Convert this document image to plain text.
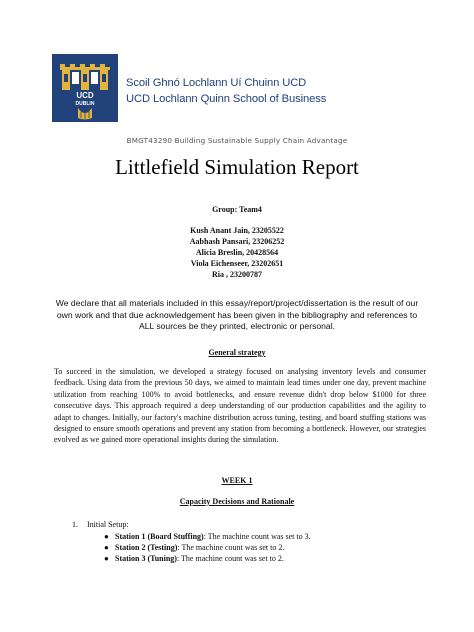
UCD
DUBLIN
Scoil Ghnó Lochlann Uí Chuinn UCD
UCD Lochlann Quinn School of Business
BMGT43290 Building Sustainable Supply Chain Advantage
Littlefield Simulation Report
Group: Team4
Kush Anant Jain, 23205522
Aabhash Pansari, 23206252
Alicia Breslin, 20428564
Viola Eichenseer, 23202651
Ria , 23200787
We declare that all materials included in this essay/report/project/dissertation is the result of our own work and that due acknowledgement has been given in the bibliography and references to ALL sources be they printed, electronic or personal.
General strategy
To succeed in the simulation, we developed a strategy focused on analysing inventory levels and consumer feedback. Using data from the previous 50 days, we aimed to maintain lead times under one day, prevent machine utilization from reaching 100% to avoid bottlenecks, and ensure revenue didn't drop below $1000 for three consecutive days. This approach required a deep understanding of our production capabilities and the agility to adapt to changes. Initially, our factory's machine distribution across tuning, testing, and board stuffing stations was designed to ensure smooth operations and prevent any station from becoming a bottleneck. However, our strategies evolved as we gained more operational insights during the simulation.
WEEK 1
Capacity Decisions and Rationale
1. Initial Setup:
● Station 1 (Board Stuffing): The machine count was set to 3.
● Station 2 (Testing): The machine count was set to 2.
● Station 3 (Tuning): The machine count was set to 2.
